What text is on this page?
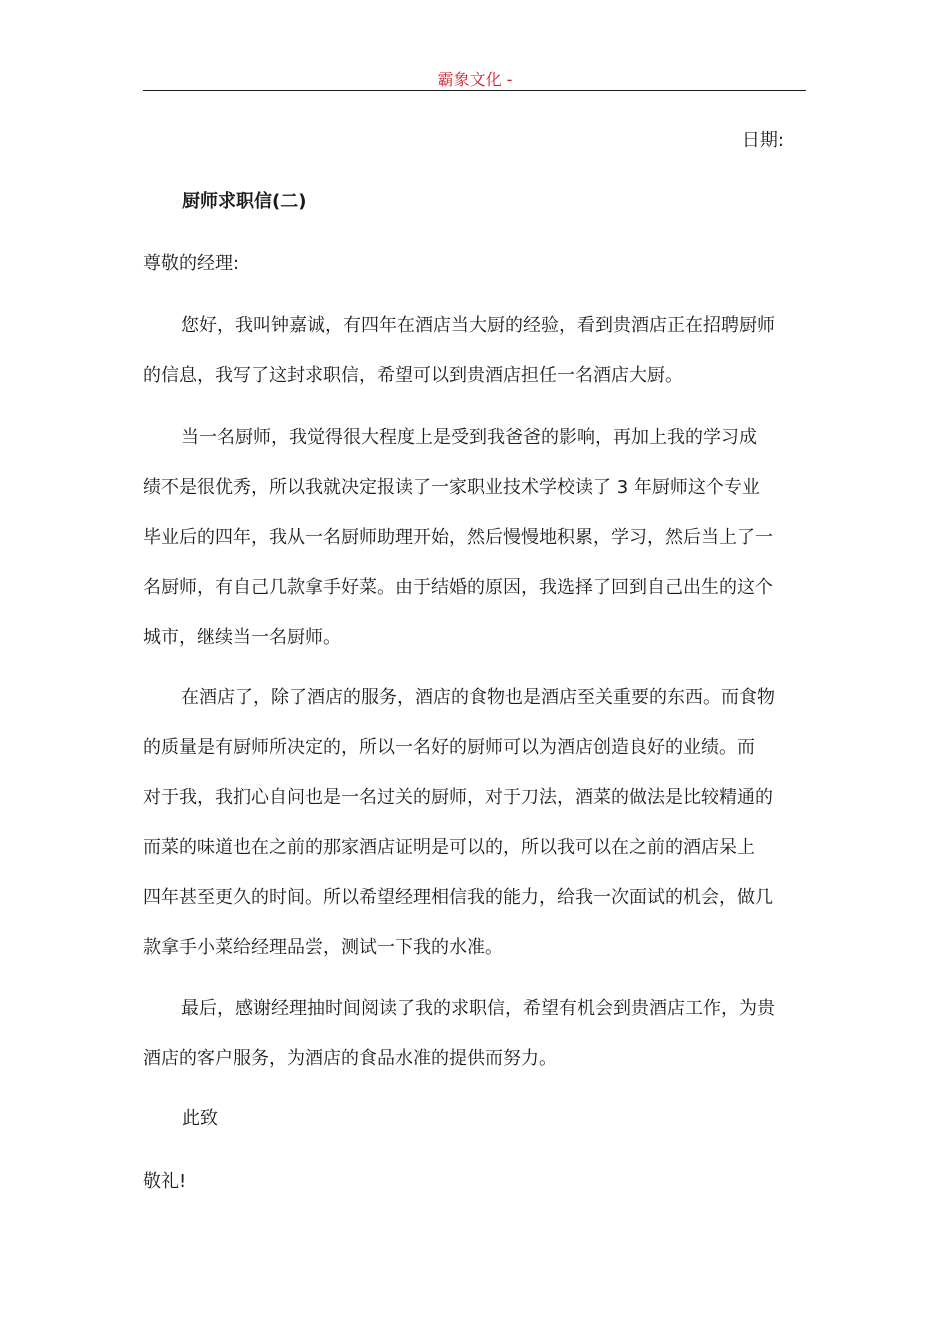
霸象文化 -
日期:
厨师求职信(二)
尊敬的经理:
您好，我叫钟嘉诚，有四年在酒店当大厨的经验，看到贵酒店正在招聘厨师
的信息，我写了这封求职信，希望可以到贵酒店担任一名酒店大厨。
当一名厨师，我觉得很大程度上是受到我爸爸的影响，再加上我的学习成
绩不是很优秀，所以我就决定报读了一家职业技术学校读了 3 年厨师这个专业
毕业后的四年，我从一名厨师助理开始，然后慢慢地积累，学习，然后当上了一
名厨师，有自己几款拿手好菜。由于结婚的原因，我选择了回到自己出生的这个
城市，继续当一名厨师。
在酒店了，除了酒店的服务，酒店的食物也是酒店至关重要的东西。而食物
的质量是有厨师所决定的，所以一名好的厨师可以为酒店创造良好的业绩。而
对于我，我扪心自问也是一名过关的厨师，对于刀法，酒菜的做法是比较精通的
而菜的味道也在之前的那家酒店证明是可以的，所以我可以在之前的酒店呆上
四年甚至更久的时间。所以希望经理相信我的能力，给我一次面试的机会，做几
款拿手小菜给经理品尝，测试一下我的水准。
最后，感谢经理抽时间阅读了我的求职信，希望有机会到贵酒店工作，为贵
酒店的客户服务，为酒店的食品水准的提供而努力。
此致
敬礼!
